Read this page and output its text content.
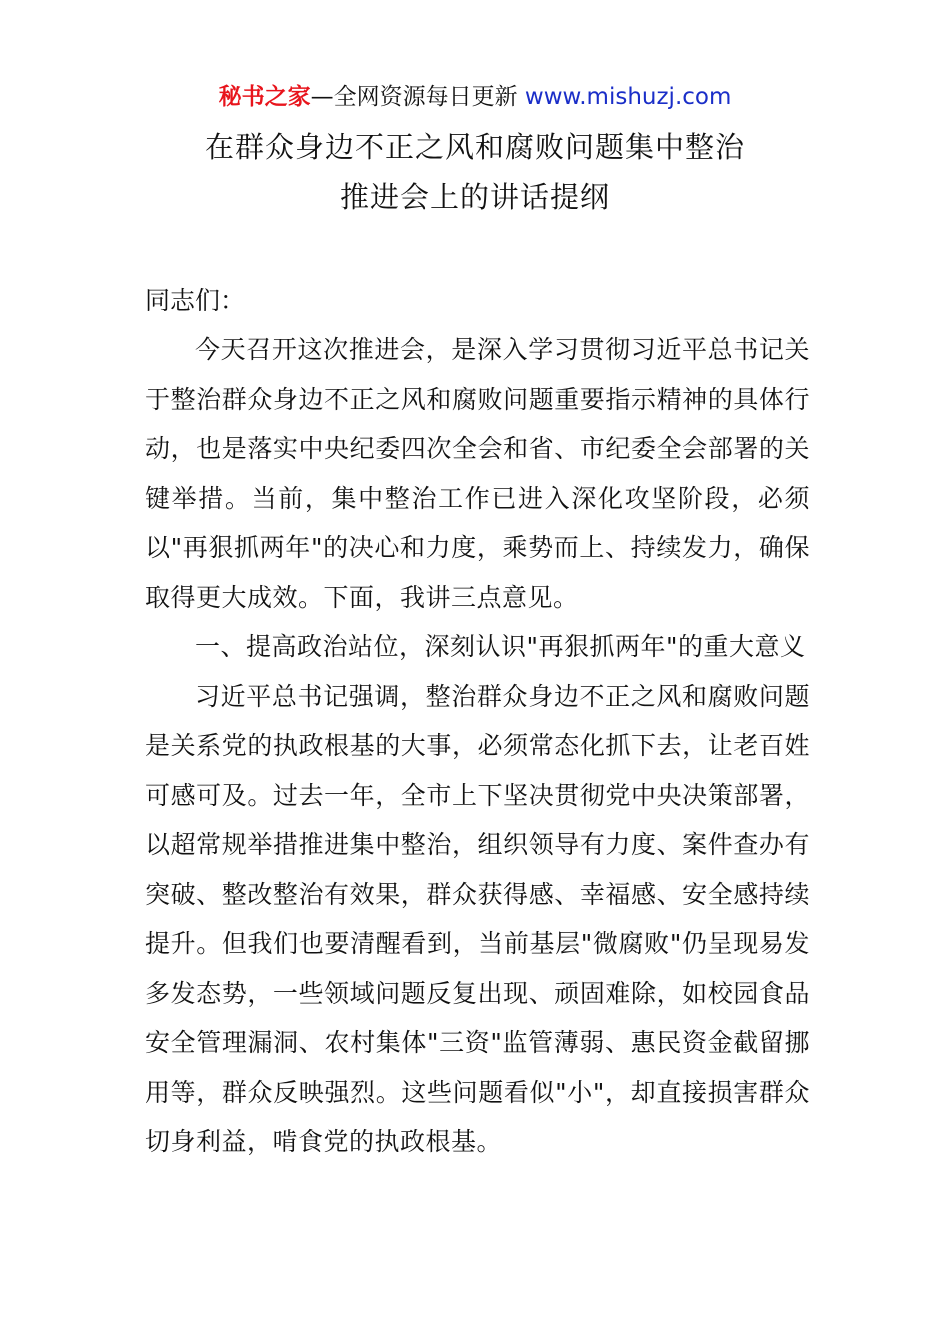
秘书之家—全网资源每日更新 www.mishuzj.com
在群众身边不正之风和腐败问题集中整治
推进会上的讲话提纲
同志们：

今天召开这次推进会，是深入学习贯彻习近平总书记关于整治群众身边不正之风和腐败问题重要指示精神的具体行动，也是落实中央纪委四次全会和省、市纪委全会部署的关键举措。当前，集中整治工作已进入深化攻坚阶段，必须以"再狠抓两年"的决心和力度，乘势而上、持续发力，确保取得更大成效。下面，我讲三点意见。

一、提高政治站位，深刻认识"再狠抓两年"的重大意义

习近平总书记强调，整治群众身边不正之风和腐败问题是关系党的执政根基的大事，必须常态化抓下去，让老百姓可感可及。过去一年，全市上下坚决贯彻党中央决策部署，以超常规举措推进集中整治，组织领导有力度、案件查办有突破、整改整治有效果，群众获得感、幸福感、安全感持续提升。但我们也要清醒看到，当前基层"微腐败"仍呈现易发多发态势，一些领域问题反复出现、顽固难除，如校园食品安全管理漏洞、农村集体"三资"监管薄弱、惠民资金截留挪用等，群众反映强烈。这些问题看似"小"，却直接损害群众切身利益，啃食党的执政根基。
